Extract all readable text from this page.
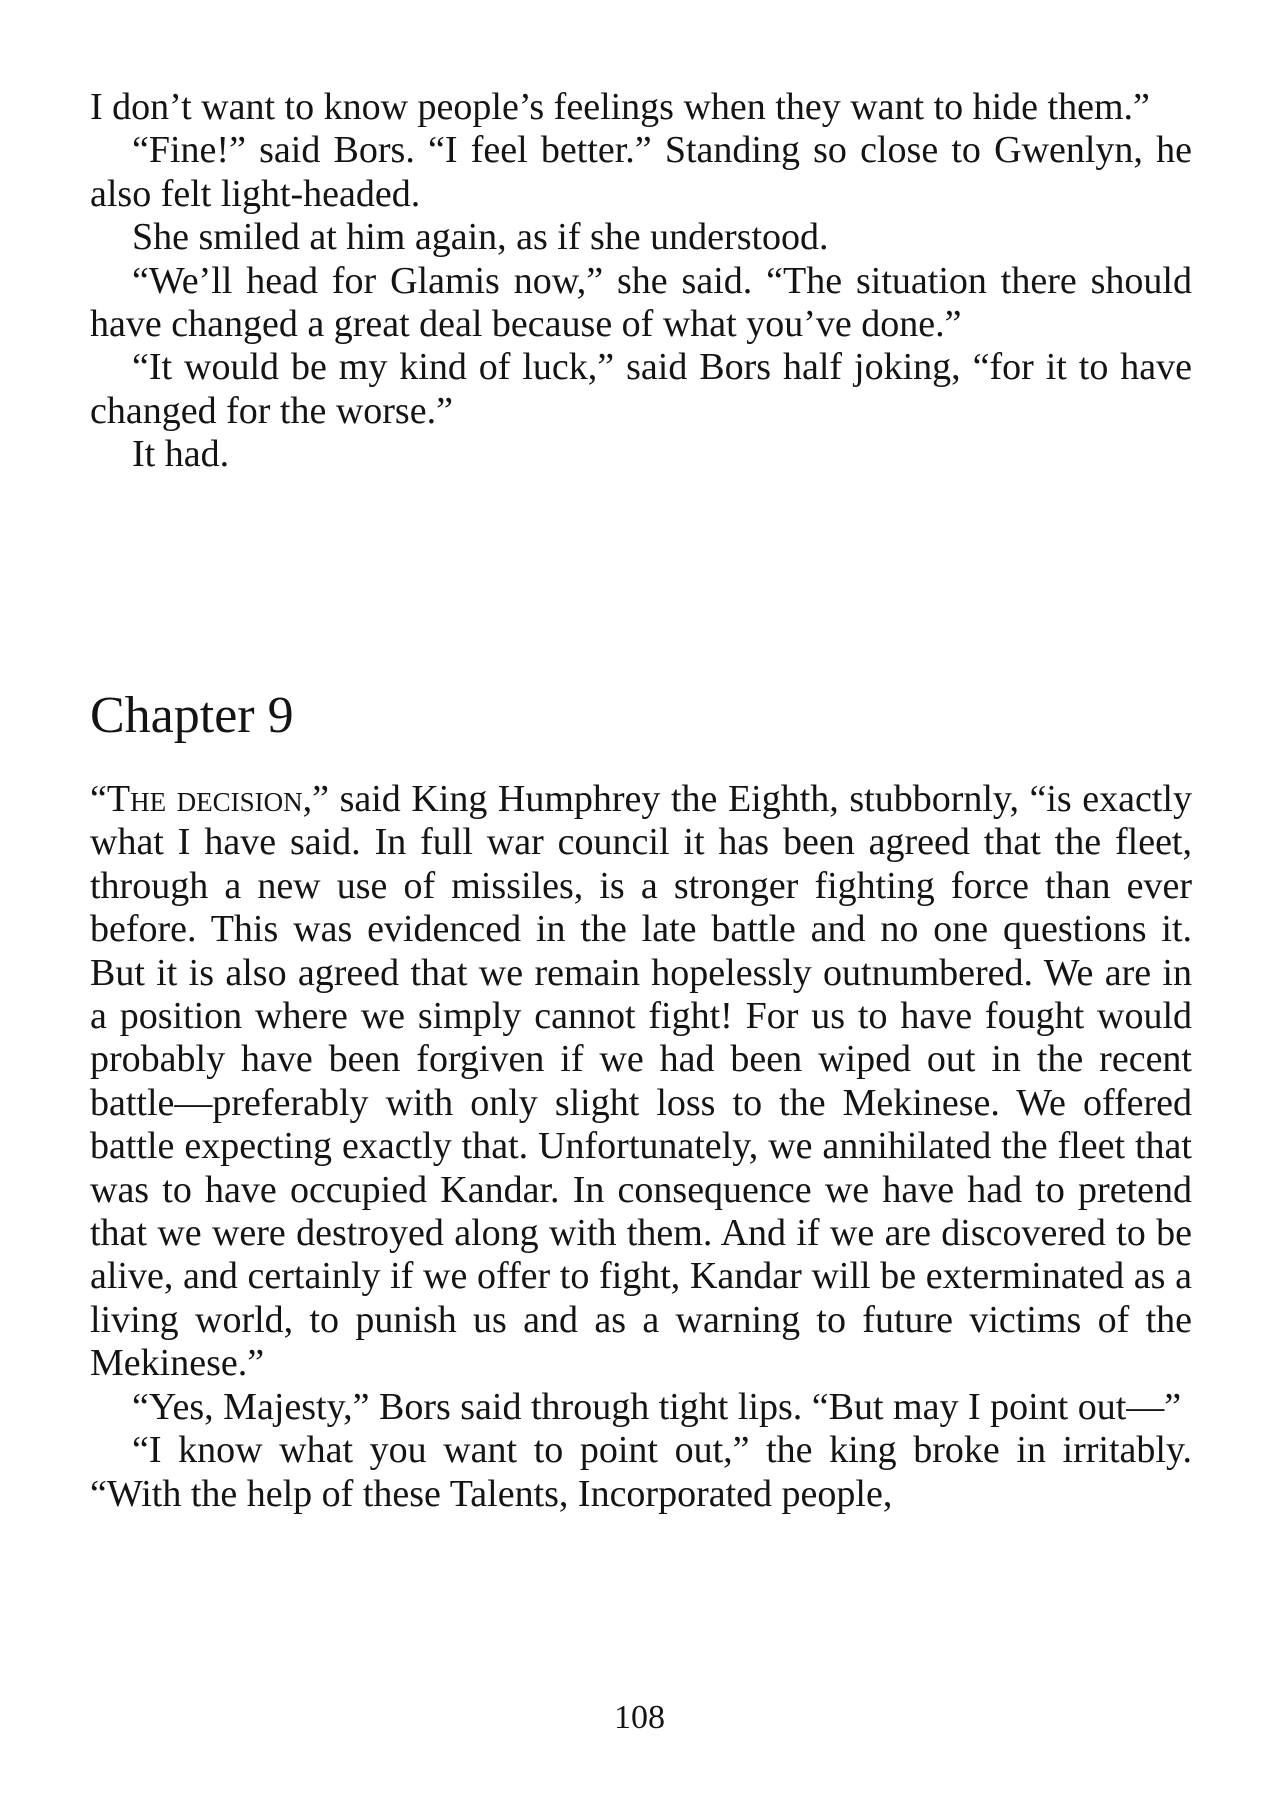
I don’t want to know people’s feelings when they want to hide them.”

“Fine!” said Bors. “I feel better.” Standing so close to Gwenlyn, he also felt light-headed.

She smiled at him again, as if she understood.

“We’ll head for Glamis now,” she said. “The situation there should have changed a great deal because of what you’ve done.”

“It would be my kind of luck,” said Bors half joking, “for it to have changed for the worse.”

It had.

Chapter 9

“The decision,” said King Humphrey the Eighth, stubbornly, “is exactly what I have said. In full war council it has been agreed that the fleet, through a new use of missiles, is a stronger fighting force than ever before. This was evidenced in the late battle and no one questions it. But it is also agreed that we remain hopelessly outnumbered. We are in a position where we simply cannot fight! For us to have fought would probably have been forgiven if we had been wiped out in the recent battle—preferably with only slight loss to the Mekinese. We offered battle expecting exactly that. Unfortunately, we annihilated the fleet that was to have occupied Kandar. In consequence we have had to pretend that we were destroyed along with them. And if we are discovered to be alive, and certainly if we offer to fight, Kandar will be exterminated as a living world, to punish us and as a warning to future victims of the Mekinese.”

“Yes, Majesty,” Bors said through tight lips. “But may I point out—”

“I know what you want to point out,” the king broke in irritably. “With the help of these Talents, Incorporated people,

108
